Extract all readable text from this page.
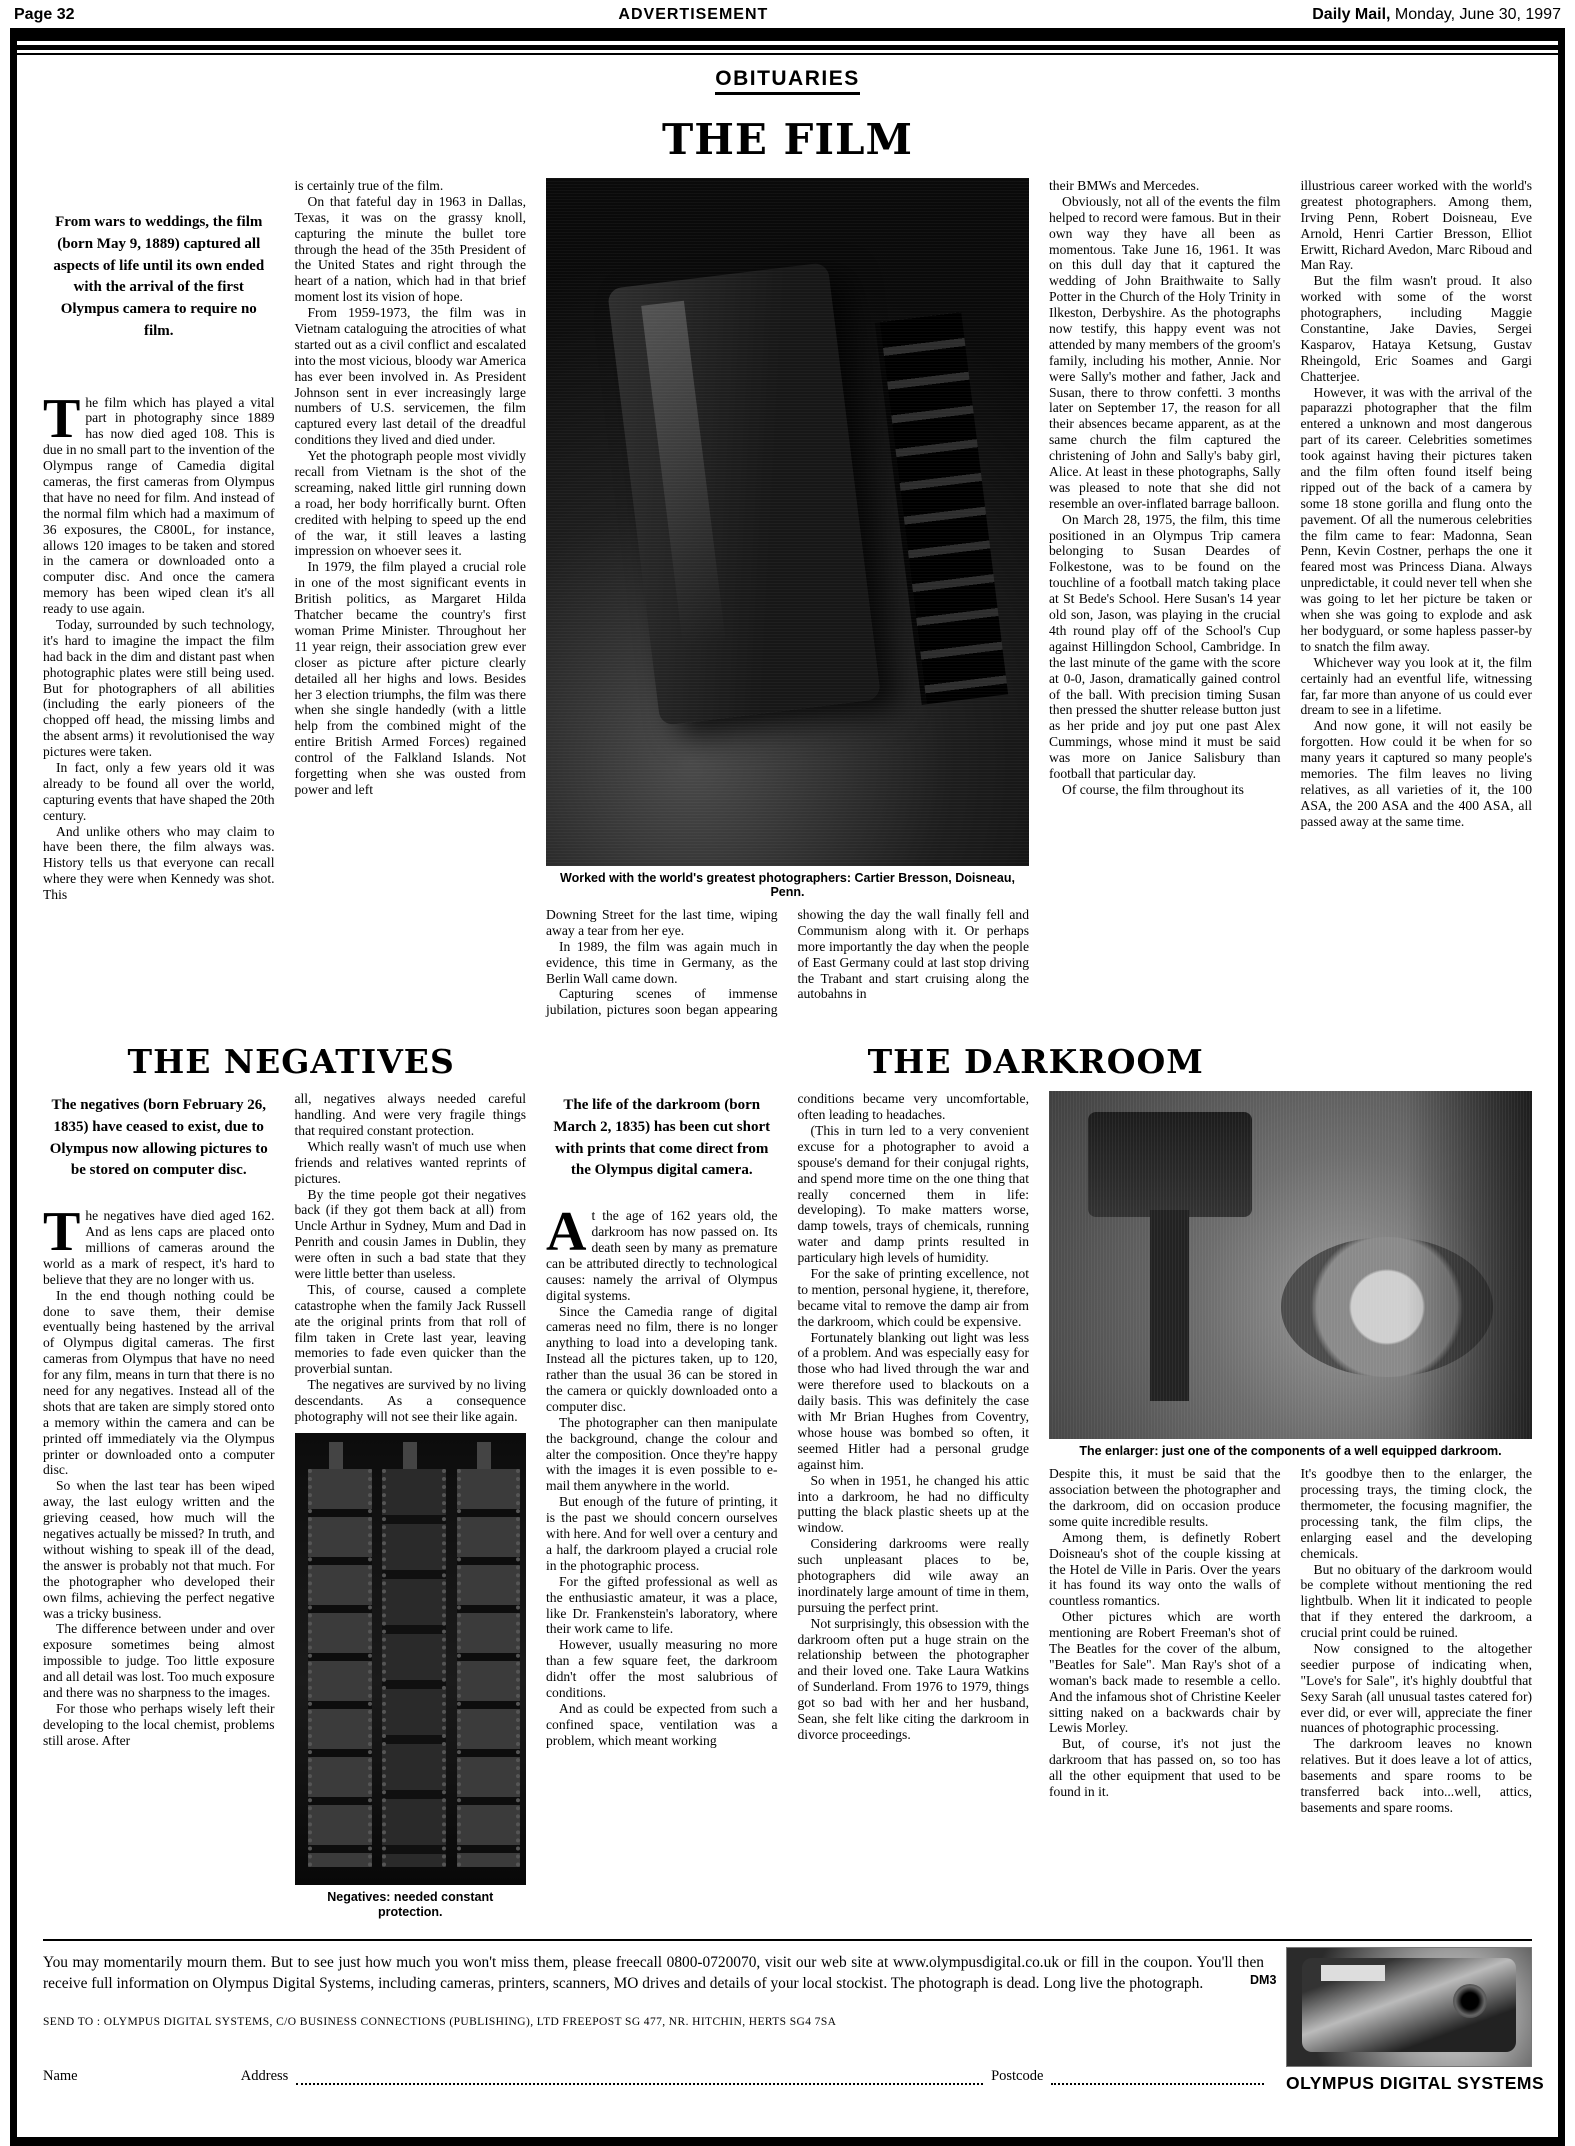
Page 32	ADVERTISEMENT	Daily Mail, Monday, June 30, 1997
OBITUARIES
THE FILM
From wars to weddings, the film (born May 9, 1889) captured all aspects of life until its own ended with the arrival of the first Olympus camera to require no film.

The film which has played a vital part in photography since 1889 has now died aged 108. This is due in no small part to the invention of the Olympus range of Camedia digital cameras, the first cameras from Olympus that have no need for film. And instead of the normal film which had a maximum of 36 exposures, the C800L, for instance, allows 120 images to be taken and stored in the camera or downloaded onto a computer disc. And once the camera memory has been wiped clean it's all ready to use again.

Today, surrounded by such technology, it's hard to imagine the impact the film had back in the dim and distant past when photographic plates were still being used. But for photographers of all abilities (including the early pioneers of the chopped off head, the missing limbs and the absent arms) it revolutionised the way pictures were taken.

In fact, only a few years old it was already to be found all over the world, capturing events that have shaped the 20th century.

And unlike others who may claim to have been there, the film always was. History tells us that everyone can recall where they were when Kennedy was shot. This

is certainly true of the film.

On that fateful day in 1963 in Dallas, Texas, it was on the grassy knoll, capturing the minute the bullet tore through the head of the 35th President of the United States and right through the heart of a nation, which had in that brief moment lost its vision of hope.

From 1959-1973, the film was in Vietnam cataloguing the atrocities of what started out as a civil conflict and escalated into the most vicious, bloody war America has ever been involved in. As President Johnson sent in ever increasingly large numbers of U.S. servicemen, the film captured every last detail of the dreadful conditions they lived and died under.

Yet the photograph people most vividly recall from Vietnam is the shot of the screaming, naked little girl running down a road, her body horrifically burnt. Often credited with helping to speed up the end of the war, it still leaves a lasting impression on whoever sees it.

In 1979, the film played a crucial role in one of the most significant events in British politics, as Margaret Hilda Thatcher became the country's first woman Prime Minister. Throughout her 11 year reign, their association grew ever closer as picture after picture clearly detailed all her highs and lows. Besides her 3 election triumphs, the film was there when she single handedly (with a little help from the combined might of the entire British Armed Forces) regained control of the Falkland Islands. Not forgetting when she was ousted from power and left

Worked with the world's greatest photographers: Cartier Bresson, Doisneau, Penn.

Downing Street for the last time, wiping away a tear from her eye.

In 1989, the film was again much in evidence, this time in Germany, as the Berlin Wall came down.

Capturing scenes of immense jubilation, pictures soon began appearing showing the day the wall finally fell and Communism along with it. Or perhaps more importantly the day when the people of East Germany could at last stop driving the Trabant and start cruising along the autobahns in

their BMWs and Mercedes.

Obviously, not all of the events the film helped to record were famous. But in their own way they have all been as momentous. Take June 16, 1961. It was on this dull day that it captured the wedding of John Braithwaite to Sally Potter in the Church of the Holy Trinity in Ilkeston, Derbyshire. As the photographs now testify, this happy event was not attended by many members of the groom's family, including his mother, Annie. Nor were Sally's mother and father, Jack and Susan, there to throw confetti. 3 months later on September 17, the reason for all their absences became apparent, as at the same church the film captured the christening of John and Sally's baby girl, Alice. At least in these photographs, Sally was pleased to note that she did not resemble an over-inflated barrage balloon.

On March 28, 1975, the film, this time positioned in an Olympus Trip camera belonging to Susan Deardes of Folkestone, was to be found on the touchline of a football match taking place at St Bede's School. Here Susan's 14 year old son, Jason, was playing in the crucial 4th round play off of the School's Cup against Hillingdon School, Cambridge. In the last minute of the game with the score at 0-0, Jason, dramatically gained control of the ball. With precision timing Susan then pressed the shutter release button just as her pride and joy put one past Alex Cummings, whose mind it must be said was more on Janice Salisbury than football that particular day.

Of course, the film throughout its

illustrious career worked with the world's greatest photographers. Among them, Irving Penn, Robert Doisneau, Eve Arnold, Henri Cartier Bresson, Elliot Erwitt, Richard Avedon, Marc Riboud and Man Ray.

But the film wasn't proud. It also worked with some of the worst photographers, including Maggie Constantine, Jake Davies, Sergei Kasparov, Hataya Ketsung, Gustav Rheingold, Eric Soames and Gargi Chatterjee.

However, it was with the arrival of the paparazzi photographer that the film entered a unknown and most dangerous part of its career. Celebrities sometimes took against having their pictures taken and the film often found itself being ripped out of the back of a camera by some 18 stone gorilla and flung onto the pavement. Of all the numerous celebrities the film came to fear: Madonna, Sean Penn, Kevin Costner, perhaps the one it feared most was Princess Diana. Always unpredictable, it could never tell when she was going to let her picture be taken or when she was going to explode and ask her bodyguard, or some hapless passer-by to snatch the film away.

Whichever way you look at it, the film certainly had an eventful life, witnessing far, far more than anyone of us could ever dream to see in a lifetime.

And now gone, it will not easily be forgotten. How could it be when for so many years it captured so many people's memories. The film leaves no living relatives, as all varieties of it, the 100 ASA, the 200 ASA and the 400 ASA, all passed away at the same time.

THE NEGATIVES	THE DARKROOM
The negatives (born February 26, 1835) have ceased to exist, due to Olympus now allowing pictures to be stored on computer disc.

The negatives have died aged 162. And as lens caps are placed onto millions of cameras around the world as a mark of respect, it's hard to believe that they are no longer with us.

In the end though nothing could be done to save them, their demise eventually being hastened by the arrival of Olympus digital cameras. The first cameras from Olympus that have no need for any film, means in turn that there is no need for any negatives. Instead all of the shots that are taken are simply stored onto a memory within the camera and can be printed off immediately via the Olympus printer or downloaded onto a computer disc.

So when the last tear has been wiped away, the last eulogy written and the grieving ceased, how much will the negatives actually be missed? In truth, and without wishing to speak ill of the dead, the answer is probably not that much. For the photographer who developed their own films, achieving the perfect negative was a tricky business.

The difference between under and over exposure sometimes being almost impossible to judge. Too little exposure and all detail was lost. Too much exposure and there was no sharpness to the images.

For those who perhaps wisely left their developing to the local chemist, problems still arose. After

all, negatives always needed careful handling. And were very fragile things that required constant protection.

Which really wasn't of much use when friends and relatives wanted reprints of pictures.

By the time people got their negatives back (if they got them back at all) from Uncle Arthur in Sydney, Mum and Dad in Penrith and cousin James in Dublin, they were often in such a bad state that they were little better than useless.

This, of course, caused a complete catastrophe when the family Jack Russell ate the original prints from that roll of film taken in Crete last year, leaving memories to fade even quicker than the proverbial suntan.

The negatives are survived by no living descendants. As a consequence photography will not see their like again.

Negatives: needed constant protection.
The life of the darkroom (born March 2, 1835) has been cut short with prints that come direct from the Olympus digital camera.

At the age of 162 years old, the darkroom has now passed on. Its death seen by many as premature can be attributed directly to technological causes: namely the arrival of Olympus digital systems.

Since the Camedia range of digital cameras need no film, there is no longer anything to load into a developing tank. Instead all the pictures taken, up to 120, rather than the usual 36 can be stored in the camera or quickly downloaded onto a computer disc.

The photographer can then manipulate the background, change the colour and alter the composition. Once they're happy with the images it is even possible to e-mail them anywhere in the world.

But enough of the future of printing, it is the past we should concern ourselves with here. And for well over a century and a half, the darkroom played a crucial role in the photographic process.

For the gifted professional as well as the enthusiastic amateur, it was a place, like Dr. Frankenstein's laboratory, where their work came to life.

However, usually measuring no more than a few square feet, the darkroom didn't offer the most salubrious of conditions.

And as could be expected from such a confined space, ventilation was a problem, which meant working

conditions became very uncomfortable, often leading to headaches.

(This in turn led to a very convenient excuse for a photographer to avoid a spouse's demand for their conjugal rights, and spend more time on the one thing that really concerned them in life: developing). To make matters worse, damp towels, trays of chemicals, running water and damp prints resulted in particulary high levels of humidity.

For the sake of printing excellence, not to mention, personal hygiene, it, therefore, became vital to remove the damp air from the darkroom, which could be expensive.

Fortunately blanking out light was less of a problem. And was especially easy for those who had lived through the war and were therefore used to blackouts on a daily basis. This was definitely the case with Mr Brian Hughes from Coventry, whose house was bombed so often, it seemed Hitler had a personal grudge against him.

So when in 1951, he changed his attic into a darkroom, he had no difficulty putting the black plastic sheets up at the window.

Considering darkrooms were really such unpleasant places to be, photographers did wile away an inordinately large amount of time in them, pursuing the perfect print.

Not surprisingly, this obsession with the darkroom often put a huge strain on the relationship between the photographer and their loved one. Take Laura Watkins of Sunderland. From 1976 to 1979, things got so bad with her and her husband, Sean, she felt like citing the darkroom in divorce proceedings.

The enlarger: just one of the components of a well equipped darkroom.

Despite this, it must be said that the association between the photographer and the darkroom, did on occasion produce some quite incredible results.

Among them, is definetly Robert Doisneau's shot of the couple kissing at the Hotel de Ville in Paris. Over the years it has found its way onto the walls of countless romantics.

Other pictures which are worth mentioning are Robert Freeman's shot of The Beatles for the cover of the album, "Beatles for Sale". Man Ray's shot of a woman's back made to resemble a cello. And the infamous shot of Christine Keeler sitting naked on a backwards chair by Lewis Morley.

But, of course, it's not just the darkroom that has passed on, so too has all the other equipment that used to be found in it.

It's goodbye then to the enlarger, the processing trays, the timing clock, the thermometer, the focusing magnifier, the processing tank, the film clips, the enlarging easel and the developing chemicals.

But no obituary of the darkroom would be complete without mentioning the red lightbulb. When lit it indicated to people that if they entered the darkroom, a crucial print could be ruined.

Now consigned to the altogether seedier purpose of indicating when, "Love's for Sale", it's highly doubtful that Sexy Sarah (all unusual tastes catered for) ever did, or ever will, appreciate the finer nuances of photographic processing.

The darkroom leaves no known relatives. But it does leave a lot of attics, basements and spare rooms to be transferred back into...well, attics, basements and spare rooms.

You may momentarily mourn them. But to see just how much you won't miss them, please freecall 0800-0720070, visit our web site at www.olympusdigital.co.uk or fill in the coupon. You'll then receive full information on Olympus Digital Systems, including cameras, printers, scanners, MO drives and details of your local stockist. The photograph is dead. Long live the photograph.

SEND TO : OLYMPUS DIGITAL SYSTEMS, C/O BUSINESS CONNECTIONS (PUBLISHING), LTD FREEPOST SG 477, NR. HITCHIN, HERTS SG4 7SA
Name	Address	Postcode
DM3
OLYMPUS DIGITAL SYSTEMS
